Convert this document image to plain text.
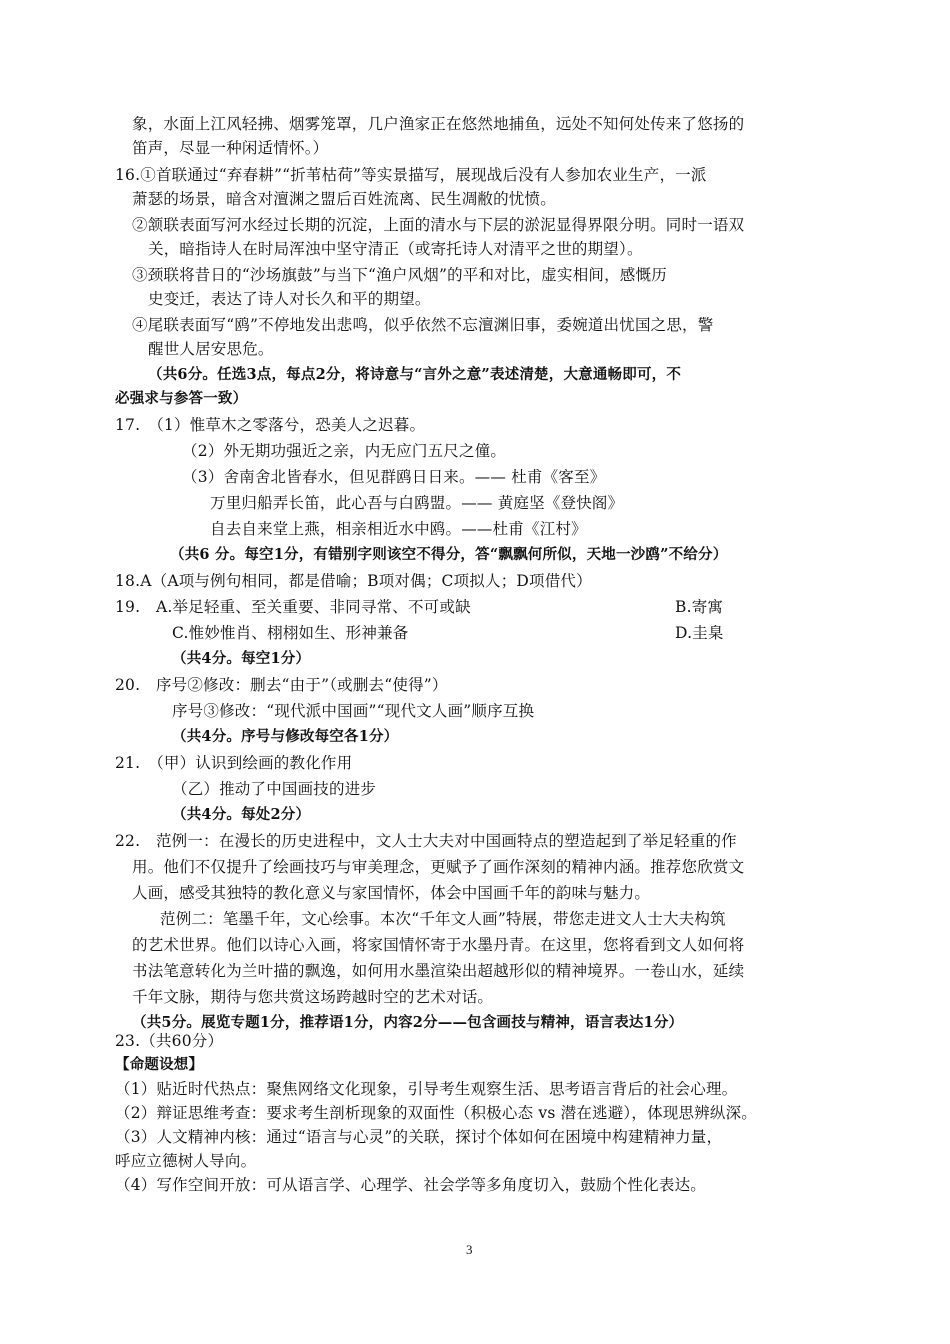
象，水面上江风轻拂、烟雾笼罩，几户渔家正在悠然地捕鱼，远处不知何处传来了悠扬的
笛声，尽显一种闲适情怀。）
16.①首联通过“弃春耕”“折苇枯荷”等实景描写，展现战后没有人参加农业生产，一派
萧瑟的场景，暗含对澶渊之盟后百姓流离、民生凋敝的忧愤。
②颔联表面写河水经过长期的沉淀，上面的清水与下层的淤泥显得界限分明。同时一语双
关，暗指诗人在时局浑浊中坚守清正（或寄托诗人对清平之世的期望）。
③颈联将昔日的“沙场旗鼓”与当下“渔户风烟”的平和对比，虚实相间，感慨历
史变迁，表达了诗人对长久和平的期望。
④尾联表面写“鸥”不停地发出悲鸣，似乎依然不忘澶渊旧事，委婉道出忧国之思，警
醒世人居安思危。
（共6分。任选3点，每点2分，将诗意与“言外之意”表述清楚，大意通畅即可，不
必强求与参答一致）
17.　（1）惟草木之零落兮，恐美人之迟暮。
（2）外无期功强近之亲，内无应门五尺之僮。
（3）舍南舍北皆春水，但见群鸥日日来。—— 杜甫《客至》
万里归船弄长笛，此心吾与白鸥盟。—— 黄庭坚《登快阁》
自去自来堂上燕，相亲相近水中鸥。——杜甫《江村》
（共6 分。每空1分，有错别字则该空不得分，答“飘飘何所似，天地一沙鸥”不给分）
18.A（A项与例句相同，都是借喻；B项对偶；C项拟人；D项借代）
19.　A.举足轻重、至关重要、非同寻常、不可或缺	B.寄寓
C.惟妙惟肖、栩栩如生、形神兼备	D.圭臬
（共4分。每空1分）
20.　序号②修改：删去“由于”（或删去“使得”）
序号③修改：“现代派中国画”“现代文人画”顺序互换
（共4分。序号与修改每空各1分）
21.　（甲）认识到绘画的教化作用
（乙）推动了中国画技的进步
（共4分。每处2分）
22.　范例一：在漫长的历史进程中，文人士大夫对中国画特点的塑造起到了举足轻重的作
用。他们不仅提升了绘画技巧与审美理念，更赋予了画作深刻的精神内涵。推荐您欣赏文
人画，感受其独特的教化意义与家国情怀，体会中国画千年的韵味与魅力。
范例二：笔墨千年，文心绘事。本次“千年文人画”特展，带您走进文人士大夫构筑
的艺术世界。他们以诗心入画，将家国情怀寄于水墨丹青。在这里，您将看到文人如何将
书法笔意转化为兰叶描的飘逸，如何用水墨渲染出超越形似的精神境界。一卷山水，延续
千年文脉，期待与您共赏这场跨越时空的艺术对话。
（共5分。展览专题1分，推荐语1分，内容2分——包含画技与精神，语言表达1分）
23.（共60分）
【命题设想】
（1）贴近时代热点：聚焦网络文化现象，引导考生观察生活、思考语言背后的社会心理。
（2）辩证思维考查：要求考生剖析现象的双面性（积极心态 vs 潜在逃避），体现思辨纵深。
（3）人文精神内核：通过“语言与心灵”的关联，探讨个体如何在困境中构建精神力量，
呼应立德树人导向。
（4）写作空间开放：可从语言学、心理学、社会学等多角度切入，鼓励个性化表达。
3
